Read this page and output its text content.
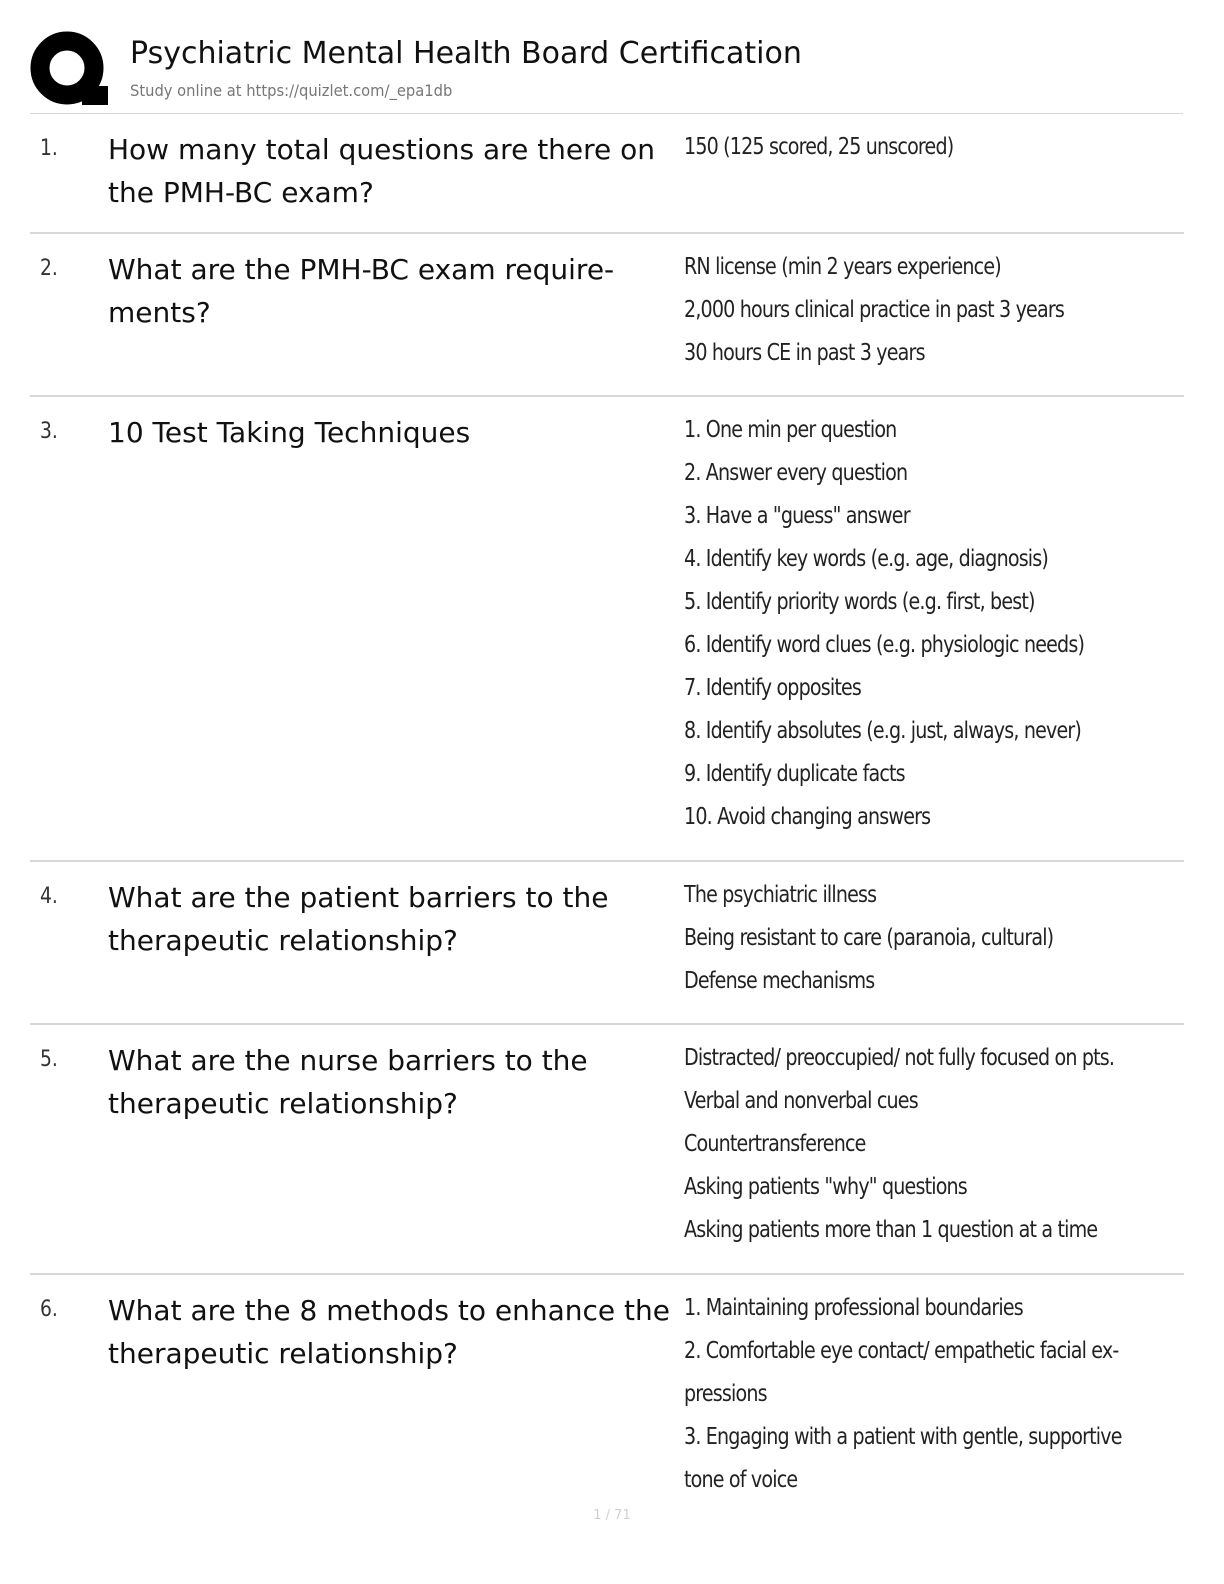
Psychiatric Mental Health Board Certification
Study online at https://quizlet.com/_epa1db
1. How many total questions are there on the PMH-BC exam?
150 (125 scored, 25 unscored)
2. What are the PMH-BC exam require-ments?
RN license (min 2 years experience)
2,000 hours clinical practice in past 3 years
30 hours CE in past 3 years
3. 10 Test Taking Techniques	1. One min per question
2. Answer every question
3. Have a "guess" answer
4. Identify key words (e.g. age, diagnosis)
5. Identify priority words (e.g. first, best)
6. Identify word clues (e.g. physiologic needs)
7. Identify opposites
8. Identify absolutes (e.g. just, always, never)
9. Identify duplicate facts
10. Avoid changing answers
4. What are the patient barriers to the therapeutic relationship?
The psychiatric illness
Being resistant to care (paranoia, cultural)
Defense mechanisms
5. What are the nurse barriers to the therapeutic relationship?
Distracted/ preoccupied/ not fully focused on pts.
Verbal and nonverbal cues
Countertransference
Asking patients "why" questions
Asking patients more than 1 question at a time
6. What are the 8 methods to enhance the therapeutic relationship?
1. Maintaining professional boundaries
2. Comfortable eye contact/ empathetic facial ex-
pressions
3. Engaging with a patient with gentle, supportive
tone of voice
1 / 71
